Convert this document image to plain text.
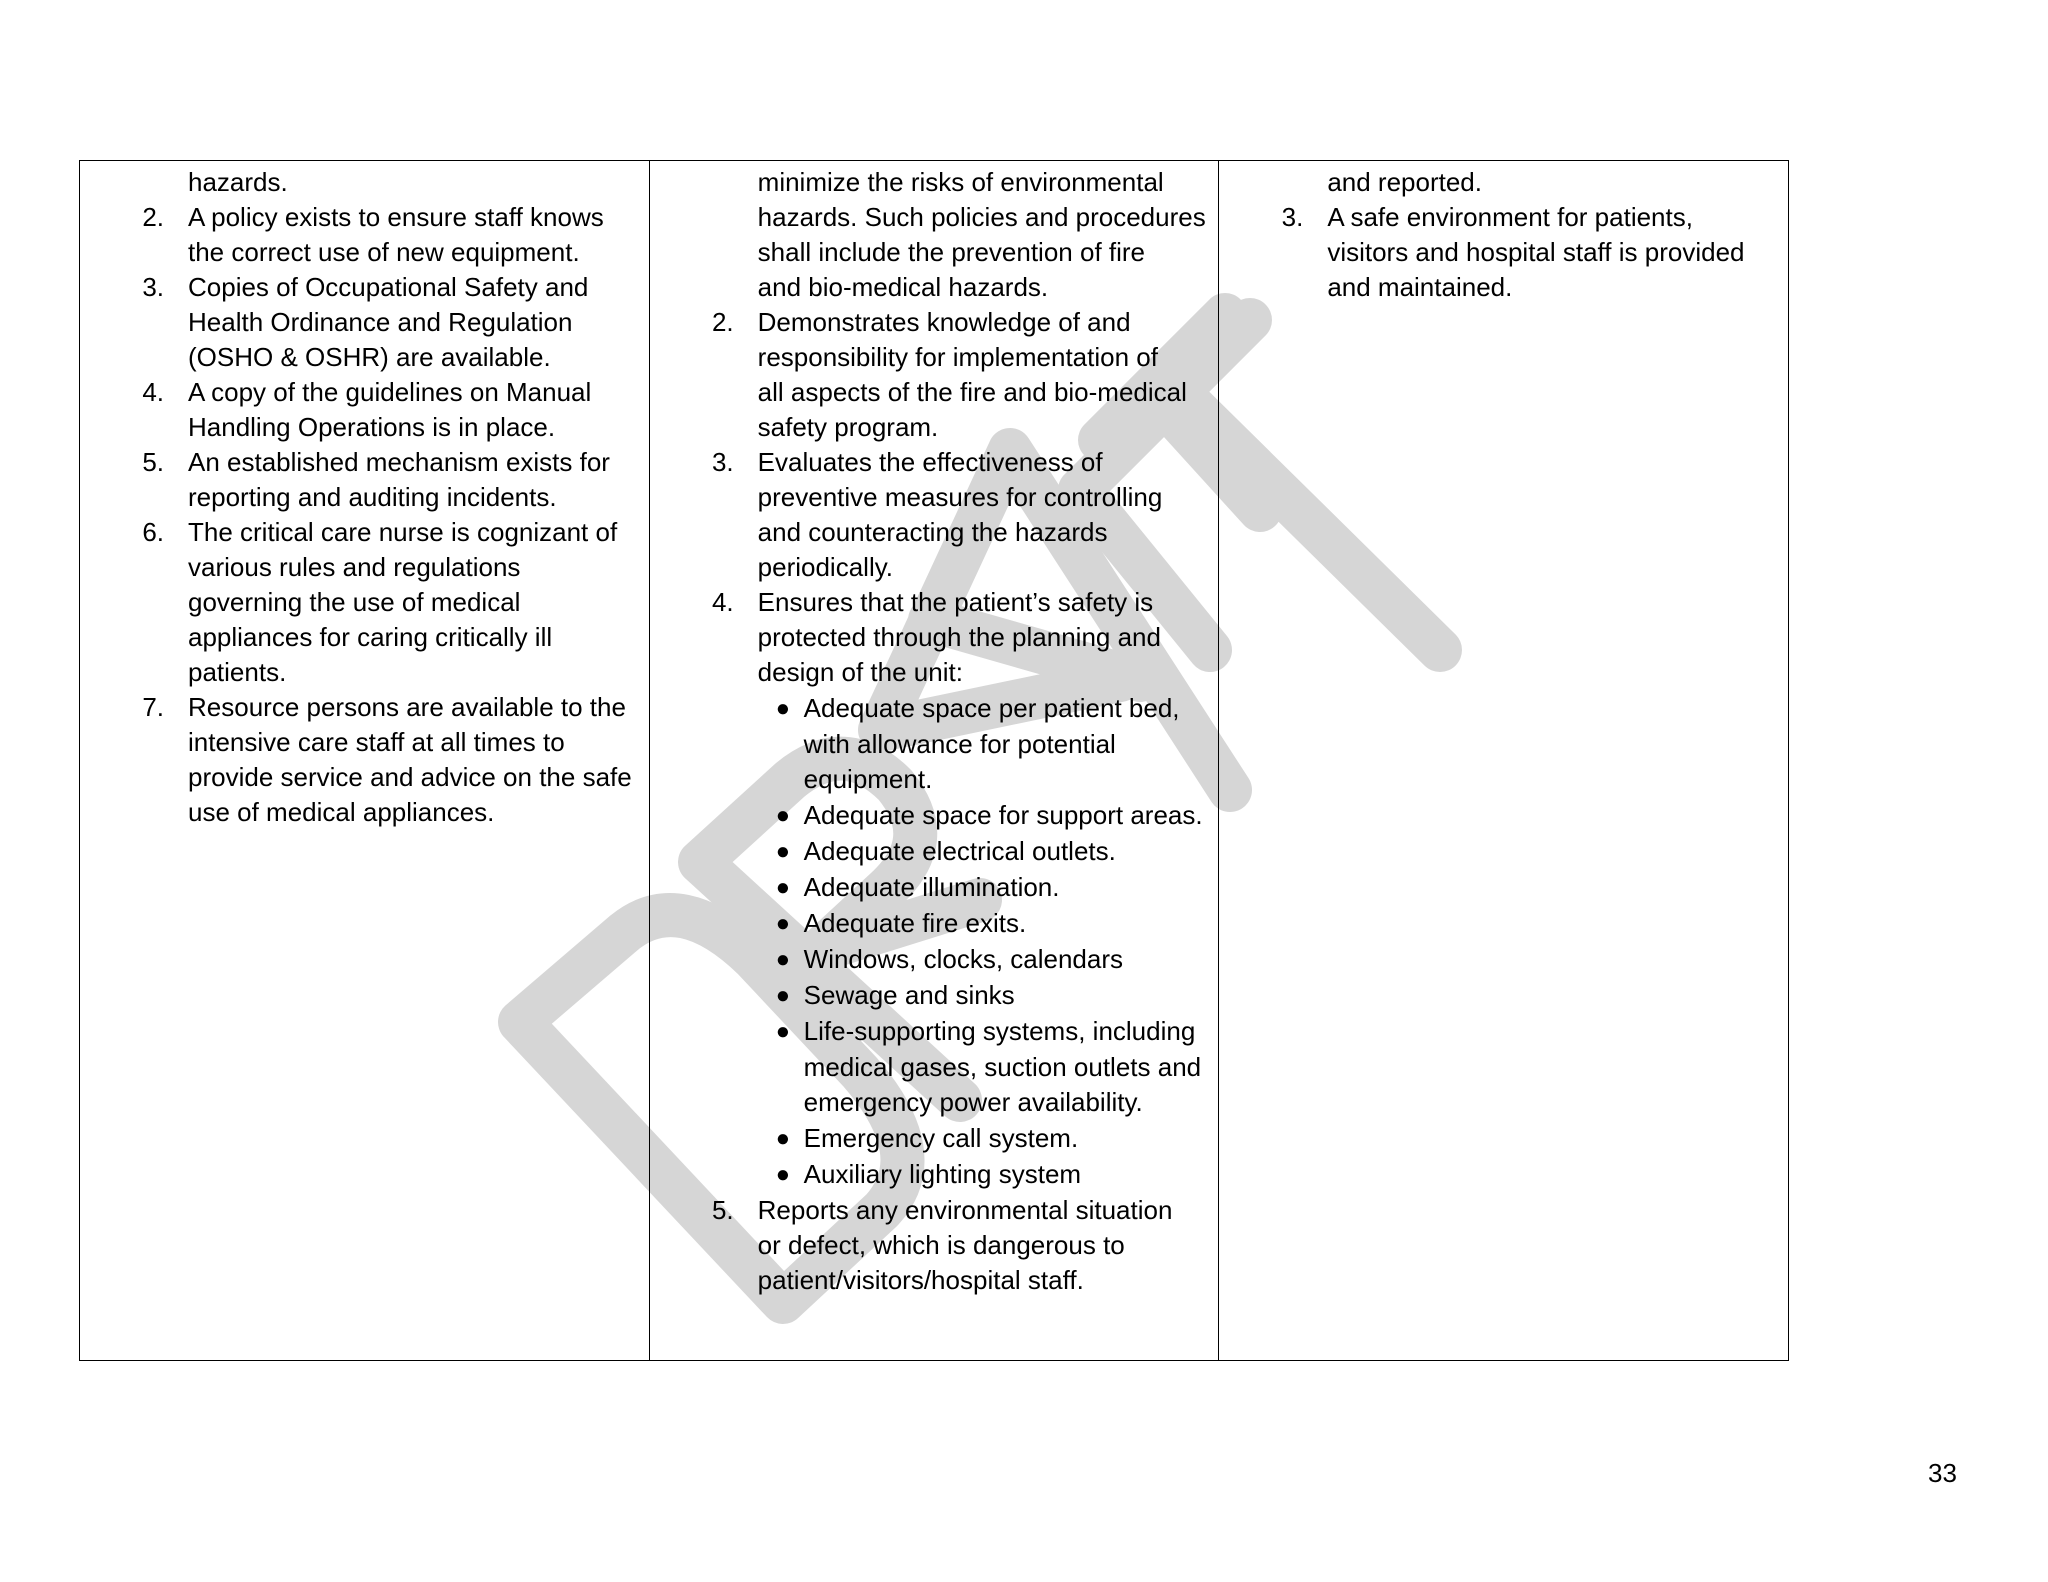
hazards.
2. A policy exists to ensure staff knows
the correct use of new equipment.
3. Copies of Occupational Safety and
Health Ordinance and Regulation
(OSHO & OSHR) are available.
4. A copy of the guidelines on Manual
Handling Operations is in place.
5. An established mechanism exists for
reporting and auditing incidents.
6. The critical care nurse is cognizant of
various rules and regulations
governing the use of medical
appliances for caring critically ill
patients.
7. Resource persons are available to the
intensive care staff at all times to
provide service and advice on the safe
use of medical appliances.

minimize the risks of environmental
hazards. Such policies and procedures
shall include the prevention of fire
and bio-medical hazards.
2. Demonstrates knowledge of and
responsibility for implementation of
all aspects of the fire and bio-medical
safety program.
3. Evaluates the effectiveness of
preventive measures for controlling
and counteracting the hazards
periodically.
4. Ensures that the patient’s safety is
protected through the planning and
design of the unit:
● Adequate space per patient bed,
with allowance for potential
equipment.
● Adequate space for support areas.
● Adequate electrical outlets.
● Adequate illumination.
● Adequate fire exits.
● Windows, clocks, calendars
● Sewage and sinks
● Life-supporting systems, including
medical gases, suction outlets and
emergency power availability.
● Emergency call system.
● Auxiliary lighting system
5. Reports any environmental situation
or defect, which is dangerous to
patient/visitors/hospital staff.

and reported.
3. A safe environment for patients,
visitors and hospital staff is provided
and maintained.
33
